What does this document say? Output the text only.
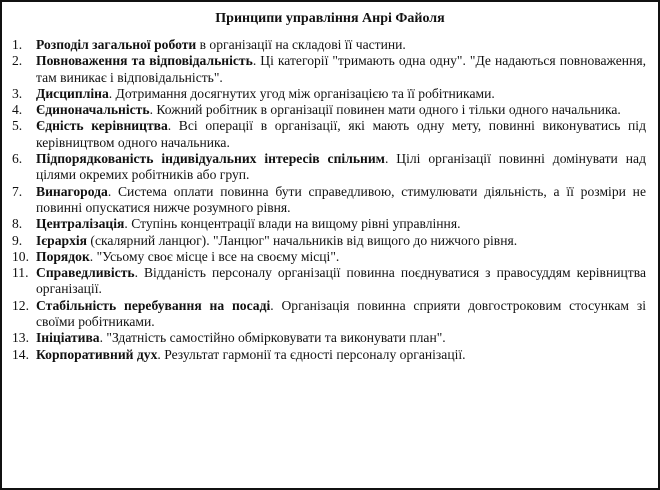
Принципи управління Анрі Файоля
1. Розподіл загальної роботи в організації на складові її частини.
2. Повноваження та відповідальність. Ці категорії "тримають одна одну". "Де надаються повноваження, там виникає і відповідальність".
3. Дисципліна. Дотримання досягнутих угод між організацією та її робітниками.
4. Єдиноначальність. Кожний робітник в організації повинен мати одного і тільки одного начальника.
5. Єдність керівництва. Всі операції в організації, які мають одну мету, повинні виконуватись під керівництвом одного начальника.
6. Підпорядкованість індивідуальних інтересів спільним. Цілі організації повинні домінувати над цілями окремих робітників або груп.
7. Винагорода. Система оплати повинна бути справедливою, стимулювати діяльність, а її розміри не повинні опускатися нижче розумного рівня.
8. Централізація. Ступінь концентрації влади на вищому рівні управління.
9. Ієрархія (скалярний ланцюг). "Ланцюг" начальників від вищого до нижчого рівня.
10. Порядок. "Усьому своє місце і все на своєму місці".
11. Справедливість. Відданість персоналу організації повинна поєднуватися з правосуддям керівництва організації.
12. Стабільність перебування на посаді. Організація повинна сприяти довгостроковим стосункам зі своїми робітниками.
13. Ініціатива. "Здатність самостійно обмірковувати та виконувати план".
14. Корпоративний дух. Результат гармонії та єдності персоналу організації.
